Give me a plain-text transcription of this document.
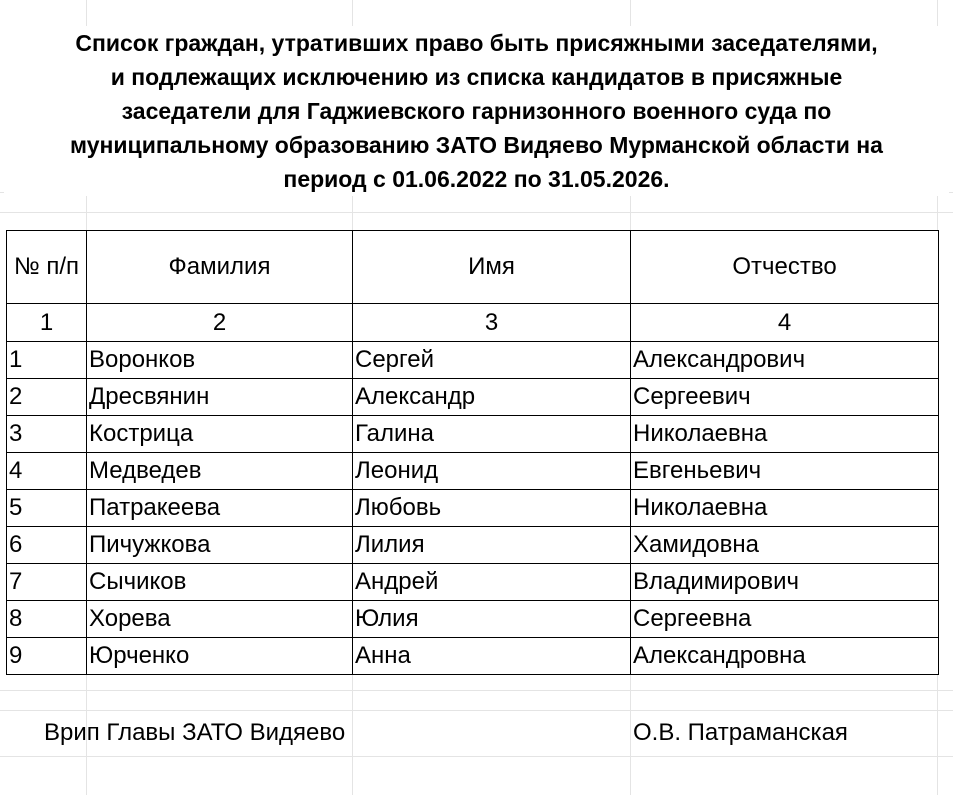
Список граждан, утративших право быть присяжными заседателями,
и подлежащих исключению из списка кандидатов в присяжные
заседатели для Гаджиевского гарнизонного военного суда по
муниципальному образованию ЗАТО Видяево Мурманской области на
период с 01.06.2022 по 31.05.2026.
№ п/п	Фамилия	Имя	Отчество
1	2	3	4
1	Воронков	Сергей	Александрович
2	Дресвянин	Александр	Сергеевич
3	Кострица	Галина	Николаевна
4	Медведев	Леонид	Евгеньевич
5	Патракеева	Любовь	Николаевна
6	Пичужкова	Лилия	Хамидовна
7	Сычиков	Андрей	Владимирович
8	Хорева	Юлия	Сергеевна
9	Юрченко	Анна	Александровна
Врип Главы ЗАТО Видяево	О.В. Патраманская
